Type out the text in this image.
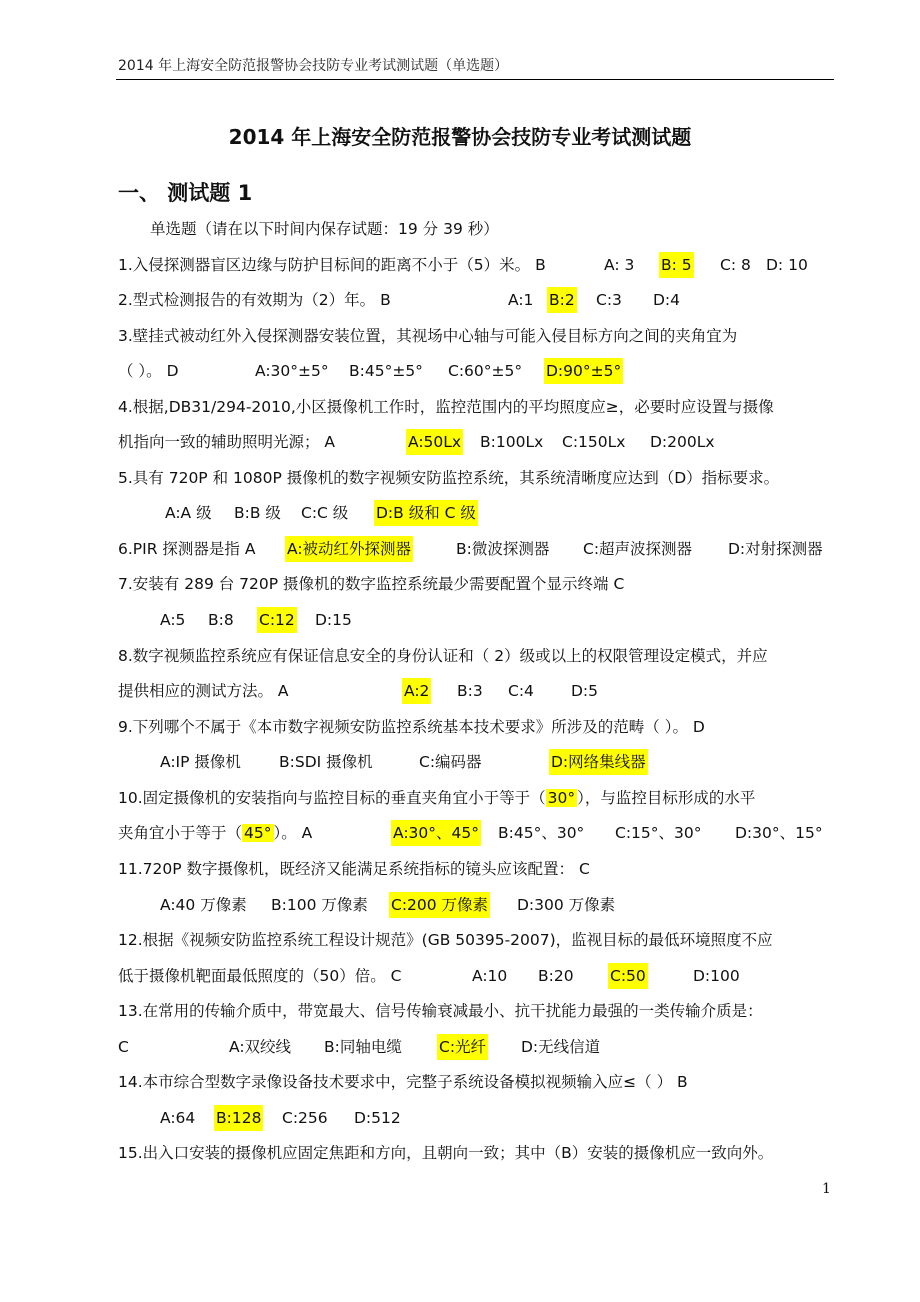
2014 年上海安全防范报警协会技防专业考试测试题（单选题）
2014 年上海安全防范报警协会技防专业考试测试题
一、 测试题 1
单选题（请在以下时间内保存试题：19 分 39 秒）
1.入侵探测器盲区边缘与防护目标间的距离不小于（5）米。 B	A: 3 B: 5 C: 8 D: 10
2.型式检测报告的有效期为（2）年。 B	A:1 B:2 C:3 D:4
3.壁挂式被动红外入侵探测器安装位置，其视场中心轴与可能入侵目标方向之间的夹角宜为
（ ）。 D	A:30°±5° B:45°±5° C:60°±5° D:90°±5°
4.根据,DB31/294-2010,小区摄像机工作时，监控范围内的平均照度应≥，必要时应设置与摄像
机指向一致的辅助照明光源； A	A:50Lx B:100Lx C:150Lx D:200Lx
5.具有 720P 和 1080P 摄像机的数字视频安防监控系统，其系统清晰度应达到（D）指标要求。
A:A 级 B:B 级 C:C 级 D:B 级和 C 级
6.PIR 探测器是指 A A:被动红外探测器	B:微波探测器 C:超声波探测器 D:对射探测器
7.安装有 289 台 720P 摄像机的数字监控系统最少需要配置个显示终端 C
A:5 B:8 C:12 D:15
8.数字视频监控系统应有保证信息安全的身份认证和（ 2）级或以上的权限管理设定模式，并应
提供相应的测试方法。 A	A:2 B:3 C:4 D:5
9.下列哪个不属于《本市数字视频安防监控系统基本技术要求》所涉及的范畴（ ）。 D
A:IP 摄像机 B:SDI 摄像机	C:编码器	D:网络集线器
10.固定摄像机的安装指向与监控目标的垂直夹角宜小于等于（ 30° ），与监控目标形成的水平
夹角宜小于等于（ 45° ）。 A	A:30°、45° B:45°、30° C:15°、30° D:30°、15°
11.720P 数字摄像机，既经济又能满足系统指标的镜头应该配置： C
A:40 万像素 B:100 万像素 C:200 万像素 D:300 万像素
12.根据《视频安防监控系统工程设计规范》(GB 50395-2007)，监视目标的最低环境照度不应
低于摄像机靶面最低照度的（50）倍。 C	A:10 B:20 C:50	D:100
13.在常用的传输介质中，带宽最大、信号传输衰减最小、抗干扰能力最强的一类传输介质是：
C	A:双绞线 B:同轴电缆 C:光纤 D:无线信道
14.本市综合型数字录像设备技术要求中，完整子系统设备模拟视频输入应≤（ ） B
A:64 B:128 C:256 D:512
15.出入口安装的摄像机应固定焦距和方向，且朝向一致；其中（B）安装的摄像机应一致向外。
1
